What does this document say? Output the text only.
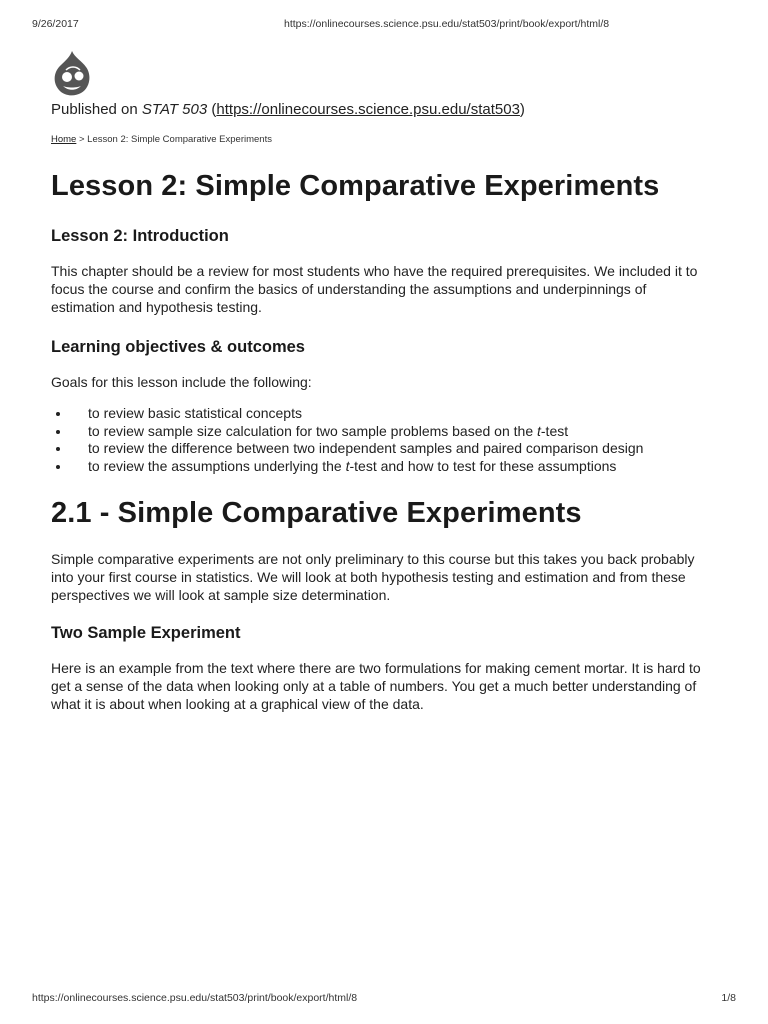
9/26/2017	https://onlinecourses.science.psu.edu/stat503/print/book/export/html/8
Published on STAT 503 (https://onlinecourses.science.psu.edu/stat503)
Home > Lesson 2: Simple Comparative Experiments
Lesson 2: Simple Comparative Experiments
Lesson 2: Introduction

This chapter should be a review for most students who have the required prerequisites. We included it to focus the course and confirm the basics of understanding the assumptions and underpinnings of estimation and hypothesis testing.

Learning objectives & outcomes

Goals for this lesson include the following:

• to review basic statistical concepts
• to review sample size calculation for two sample problems based on the t-test
• to review the difference between two independent samples and paired comparison design
• to review the assumptions underlying the t-test and how to test for these assumptions
2.1 - Simple Comparative Experiments

Simple comparative experiments are not only preliminary to this course but this takes you back probably into your first course in statistics. We will look at both hypothesis testing and estimation and from these perspectives we will look at sample size determination.

Two Sample Experiment

Here is an example from the text where there are two formulations for making cement mortar. It is hard to get a sense of the data when looking only at a table of numbers. You get a much better understanding of what it is about when looking at a graphical view of the data.

https://onlinecourses.science.psu.edu/stat503/print/book/export/html/8	1/8
